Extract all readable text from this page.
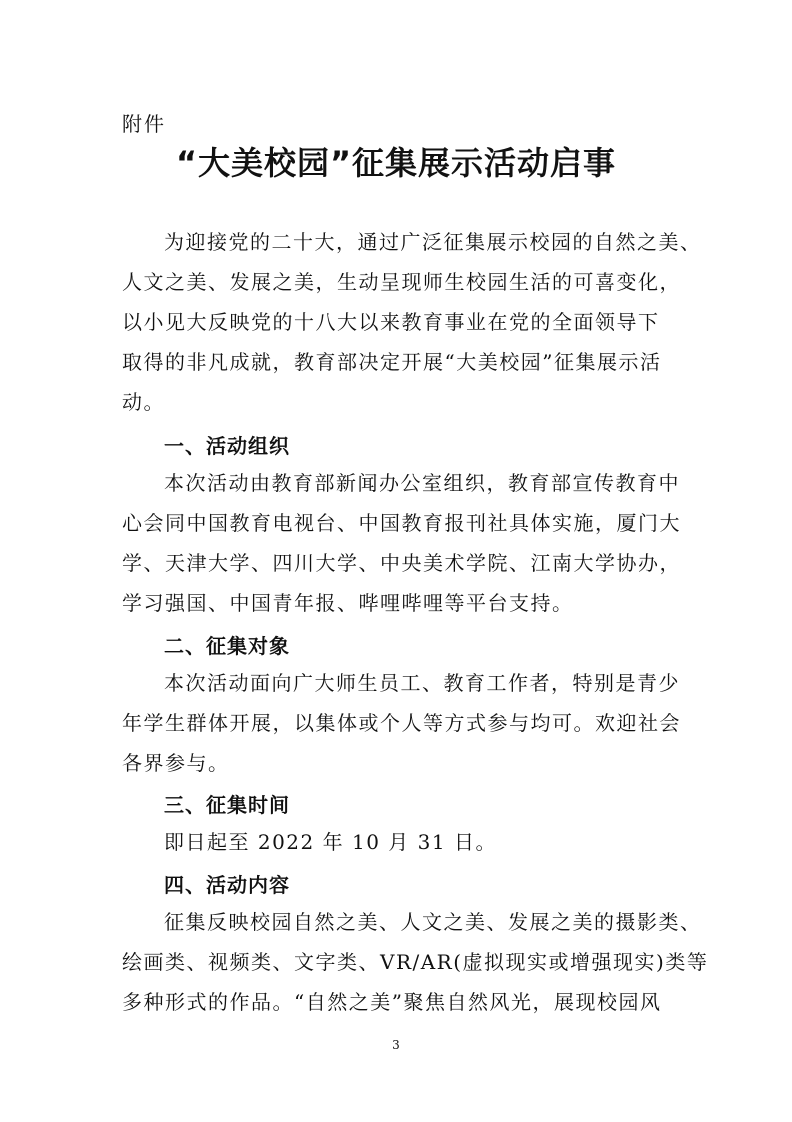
附件
“大美校园”征集展示活动启事
为迎接党的二十大，通过广泛征集展示校园的自然之美、
人文之美、发展之美，生动呈现师生校园生活的可喜变化，
以小见大反映党的十八大以来教育事业在党的全面领导下
取得的非凡成就，教育部决定开展“大美校园”征集展示活
动。
一、活动组织
本次活动由教育部新闻办公室组织，教育部宣传教育中
心会同中国教育电视台、中国教育报刊社具体实施，厦门大
学、天津大学、四川大学、中央美术学院、江南大学协办，
学习强国、中国青年报、哔哩哔哩等平台支持。
二、征集对象
本次活动面向广大师生员工、教育工作者，特别是青少
年学生群体开展，以集体或个人等方式参与均可。欢迎社会
各界参与。
三、征集时间
即日起至 2022 年 10 月 31 日。
四、活动内容
征集反映校园自然之美、人文之美、发展之美的摄影类、
绘画类、视频类、文字类、VR/AR(虚拟现实或增强现实)类等
多种形式的作品。“自然之美”聚焦自然风光，展现校园风
3
